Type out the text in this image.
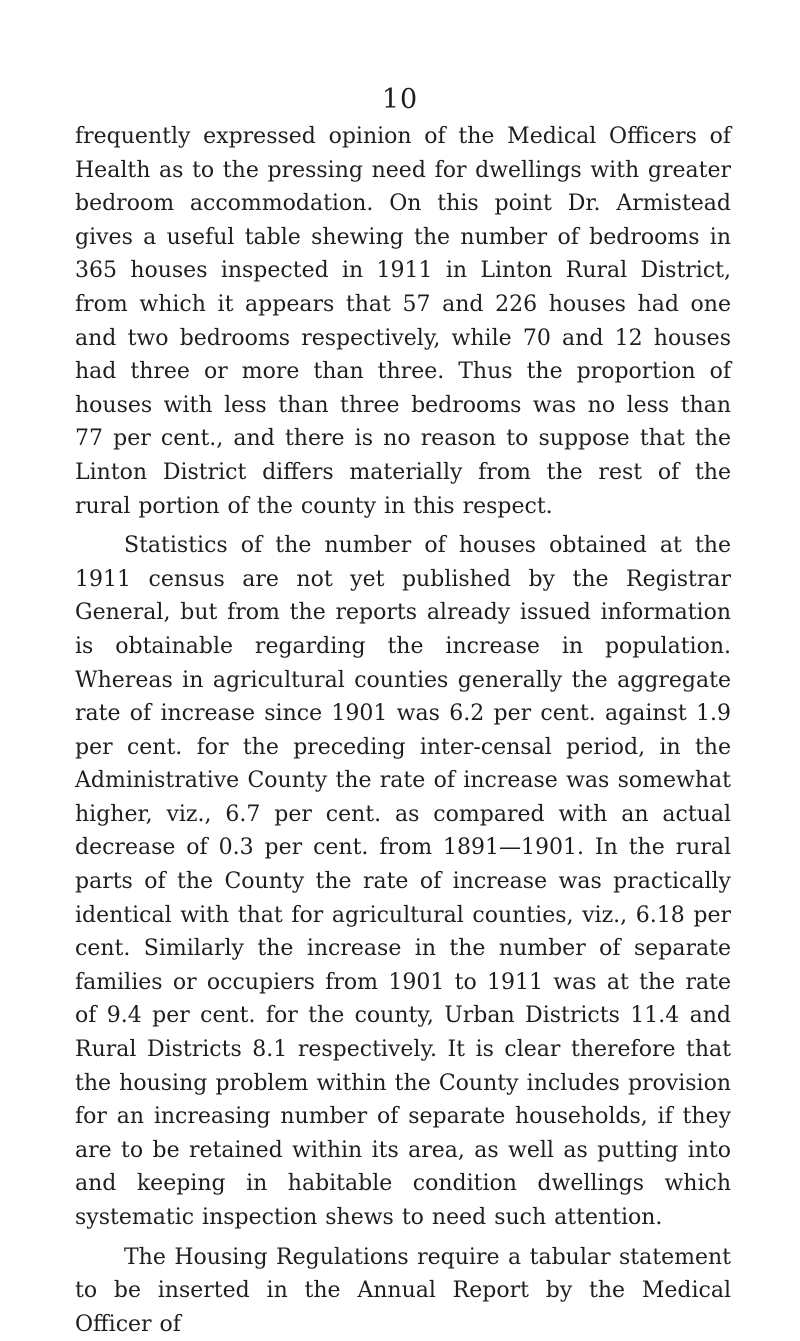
10

frequently expressed opinion of the Medical Officers of Health as to the pressing need for dwellings with greater bedroom accommodation. On this point Dr. Armistead gives a useful table shewing the number of bedrooms in 365 houses inspected in 1911 in Linton Rural District, from which it appears that 57 and 226 houses had one and two bedrooms respectively, while 70 and 12 houses had three or more than three. Thus the proportion of houses with less than three bedrooms was no less than 77 per cent., and there is no reason to suppose that the Linton District differs materially from the rest of the rural portion of the county in this respect.

Statistics of the number of houses obtained at the 1911 census are not yet published by the Registrar General, but from the reports already issued information is obtainable regarding the increase in population. Whereas in agricultural counties generally the aggregate rate of increase since 1901 was 6.2 per cent. against 1.9 per cent. for the preceding inter-censal period, in the Administrative County the rate of increase was somewhat higher, viz., 6.7 per cent. as compared with an actual decrease of 0.3 per cent. from 1891—1901. In the rural parts of the County the rate of increase was practically identical with that for agricultural counties, viz., 6.18 per cent. Similarly the increase in the number of separate families or occupiers from 1901 to 1911 was at the rate of 9.4 per cent. for the county, Urban Districts 11.4 and Rural Districts 8.1 respectively. It is clear therefore that the housing problem within the County includes provision for an increasing number of separate households, if they are to be retained within its area, as well as putting into and keeping in habitable condition dwellings which systematic inspection shews to need such attention.

The Housing Regulations require a tabular statement to be inserted in the Annual Report by the Medical Officer of
